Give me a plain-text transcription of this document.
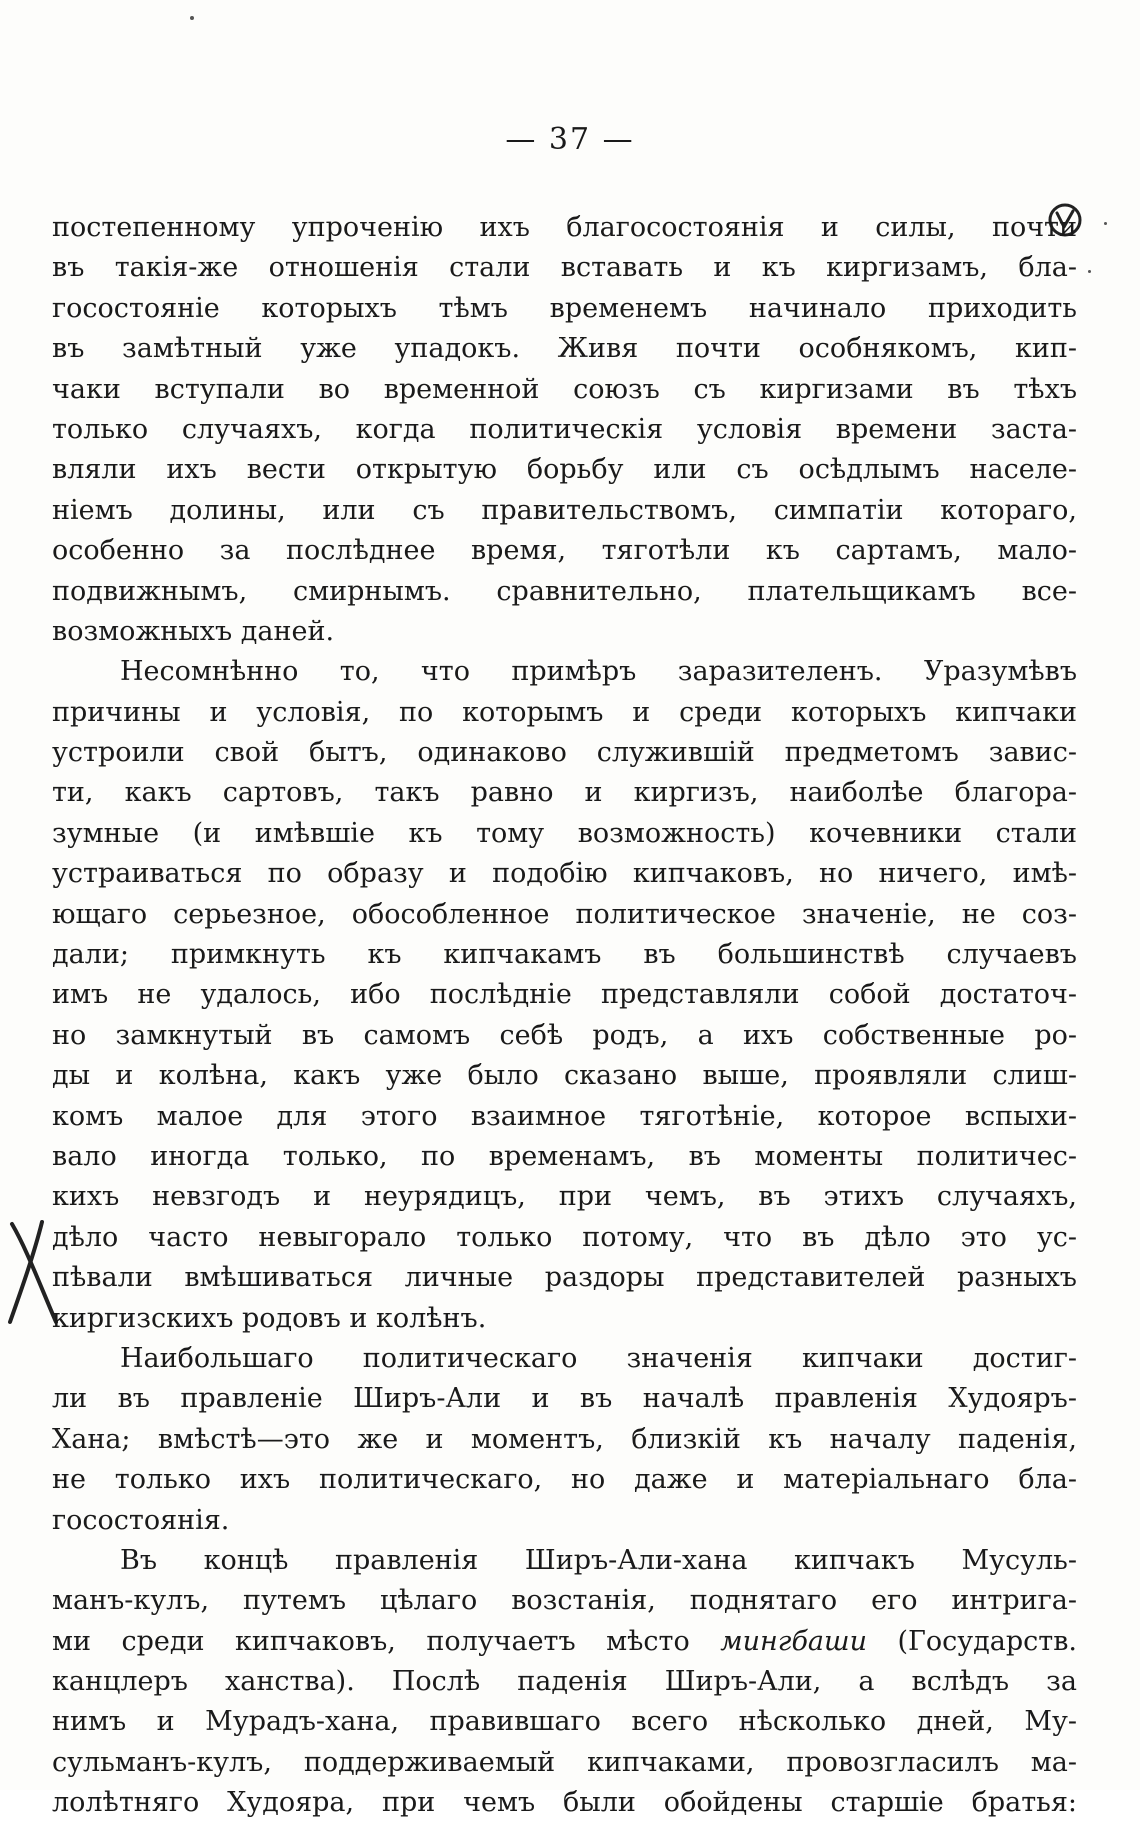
— 37 —
постепенному упроченію ихъ благосостоянія и силы, почти
въ такія-же отношенія стали вставать и къ киргизамъ, бла-
госостояніе которыхъ тѣмъ временемъ начинало приходить
въ замѣтный уже упадокъ. Живя почти особнякомъ, кип-
чаки вступали во временной союзъ съ киргизами въ тѣхъ
только случаяхъ, когда политическія условія времени заста-
вляли ихъ вести открытую борьбу или съ осѣдлымъ населе-
ніемъ долины, или съ правительствомъ, симпатіи котораго,
особенно за послѣднее время, тяготѣли къ сартамъ, мало-
подвижнымъ, смирнымъ. сравнительно, плательщикамъ все-
возможныхъ даней.
Несомнѣнно то, что примѣръ заразителенъ. Уразумѣвъ
причины и условія, по которымъ и среди которыхъ кипчаки
устроили свой бытъ, одинаково служившій предметомъ завис-
ти, какъ сартовъ, такъ равно и киргизъ, наиболѣе благора-
зумные (и имѣвшіе къ тому возможность) кочевники стали
устраиваться по образу и подобію кипчаковъ, но ничего, имѣ-
ющаго серьезное, обособленное политическое значеніе, не соз-
дали; примкнуть къ кипчакамъ въ большинствѣ случаевъ
имъ не удалось, ибо послѣдніе представляли собой достаточ-
но замкнутый въ самомъ себѣ родъ, а ихъ собственные ро-
ды и колѣна, какъ уже было сказано выше, проявляли слиш-
комъ малое для этого взаимное тяготѣніе, которое вспыхи-
вало иногда только, по временамъ, въ моменты политичес-
кихъ невзгодъ и неурядицъ, при чемъ, въ этихъ случаяхъ,
дѣло часто невыгорало только потому, что въ дѣло это ус-
пѣвали вмѣшиваться личные раздоры представителей разныхъ
киргизскихъ родовъ и колѣнъ.
Наибольшаго политическаго значенія кипчаки достиг-
ли въ правленіе Ширъ-Али и въ началѣ правленія Худояръ-
Хана; вмѣстѣ—это же и моментъ, близкій къ началу паденія,
не только ихъ политическаго, но даже и матеріальнаго бла-
госостоянія.
Въ концѣ правленія Ширъ-Али-хана кипчакъ Мусуль-
манъ-кулъ, путемъ цѣлаго возстанія, поднятаго его интрига-
ми среди кипчаковъ, получаетъ мѣсто мингбаши (Государств.
канцлеръ ханства). Послѣ паденія Ширъ-Али, а вслѣдъ за
нимъ и Мурадъ-хана, правившаго всего нѣсколько дней, Му-
сульманъ-кулъ, поддерживаемый кипчаками, провозгласилъ ма-
лолѣтняго Худояра, при чемъ были обойдены старшіе братья:
